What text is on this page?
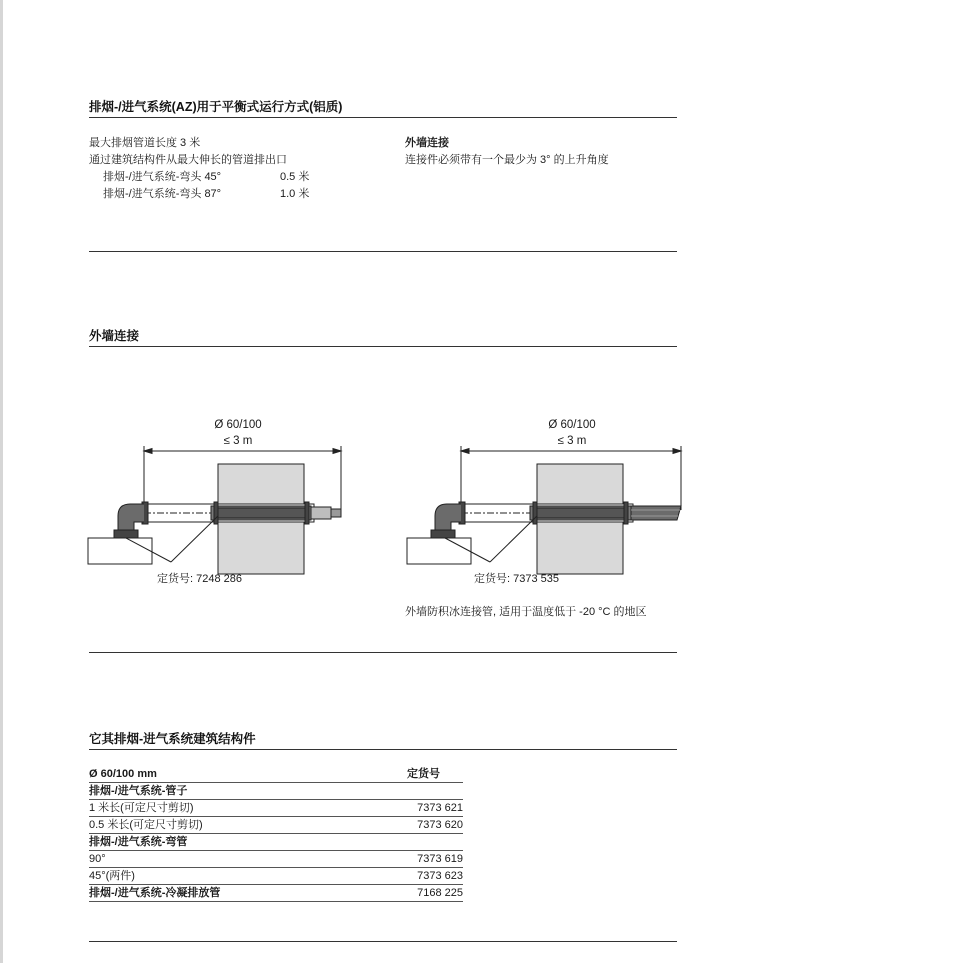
排烟-/进气系统(AZ)用于平衡式运行方式(铝质)
最大排烟管道长度 3 米
通过建筑结构件从最大伸长的管道排出口
排烟-/进气系统-弯头 45°	0.5 米
排烟-/进气系统-弯头 87°	1.0 米
外墙连接
连接件必须带有一个最少为 3° 的上升角度
外墙连接
Ø 60/100
≤ 3 m
Ø 60/100
≤ 3 m
定货号: 7248 286	定货号: 7373 535
外墙防积冰连接管, 适用于温度低于 -20 °C 的地区
它其排烟-进气系统建筑结构件
Ø 60/100 mm	定货号
排烟-/进气系统-管子	
1 米长(可定尺寸剪切)	7373 621
0.5 米长(可定尺寸剪切)	7373 620
排烟-/进气系统-弯管	
90°	7373 619
45°(两件)	7373 623
排烟-/进气系统-冷凝排放管	7168 225
